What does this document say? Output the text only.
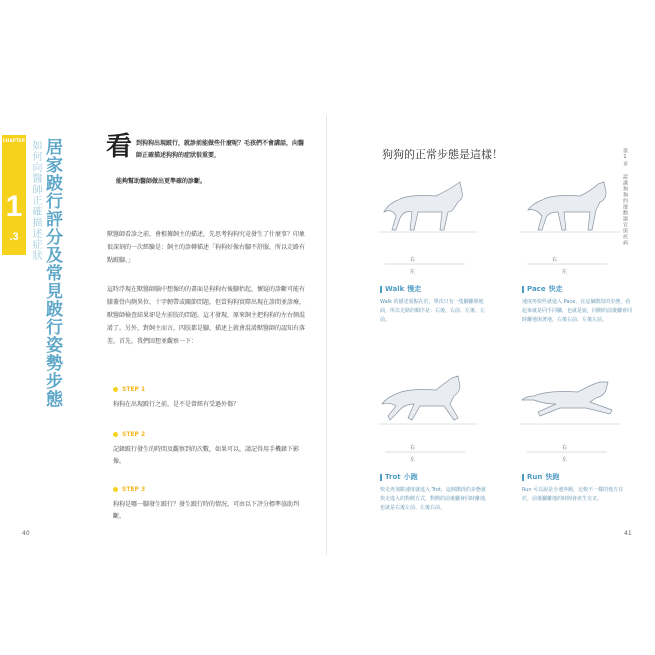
CHAPTER
1
.3	居家跛行評分及常見跛行姿勢步態
如何向醫師正確描述症狀	看 到狗狗出現跛行，就診前能做些什麼呢？毛孩們不會講話，向醫師正確描述狗狗的症狀很重要，
能夠幫助醫師做出更準確的診斷。
獸醫師看診之前，會根據飼主的描述，先思考狗狗究竟發生了什麼事？印象很深刻的一次經驗是：飼主的診轉描述「狗狗好像右腳不舒服，所以走路有點跛腳。」
這時浮現在獸醫師腦中想像的的畫面是狗狗右後腳抬起，懷疑的診斷可能有膝蓋骨內側異位、十字韌帶或關節問題。但當狗狗實際出現在診間並診療，獸醫師檢查結果卻是左前肢的問題。這才發現，原來飼主把狗狗的左右側混淆了。另外，對飼主而言，四肢都是腳，描述上就會混淆獸醫師的認知有落差。首先，我們回想並觀察一下：
STEP 1
狗狗在出現跛行之前，是不是曾經有受過外傷？
STEP 2
記錄跛行發生的時間及觀察到的次數，如果可以，請記得用手機錄下影像。
STEP 3
狗狗是哪一腳發生跛行？發生跛行時的情況，可由以下評分標準協助判斷。
40	41
狗狗的正常步態是這樣！	第1章 認識狗狗的運動器官與疾病
右
左
右
左
右
左
右
左
Walk 慢走
Walk 的描述重點在於，單次只有一隻腳離開地面，所以走路的順序是：右後、右前、左後、左前。
Pace 快走
速度再快些就進入 Pace，在這個階段的步態，看起來就是同手同腳，也就是說，同側的前後腳會同時離地與著地，右後右前、左後左前。
Trot 小跑
快走再加點速度就進入 Trot，這個階段的步態就快走進入的對側方式，對側的前後腳會同時離地，也就是右後左前、左後右前。
Run 快跑
Run 可以說是全速奔跑，比較不一樣的地方在於，前後腳離地的時間會產生交叉。
